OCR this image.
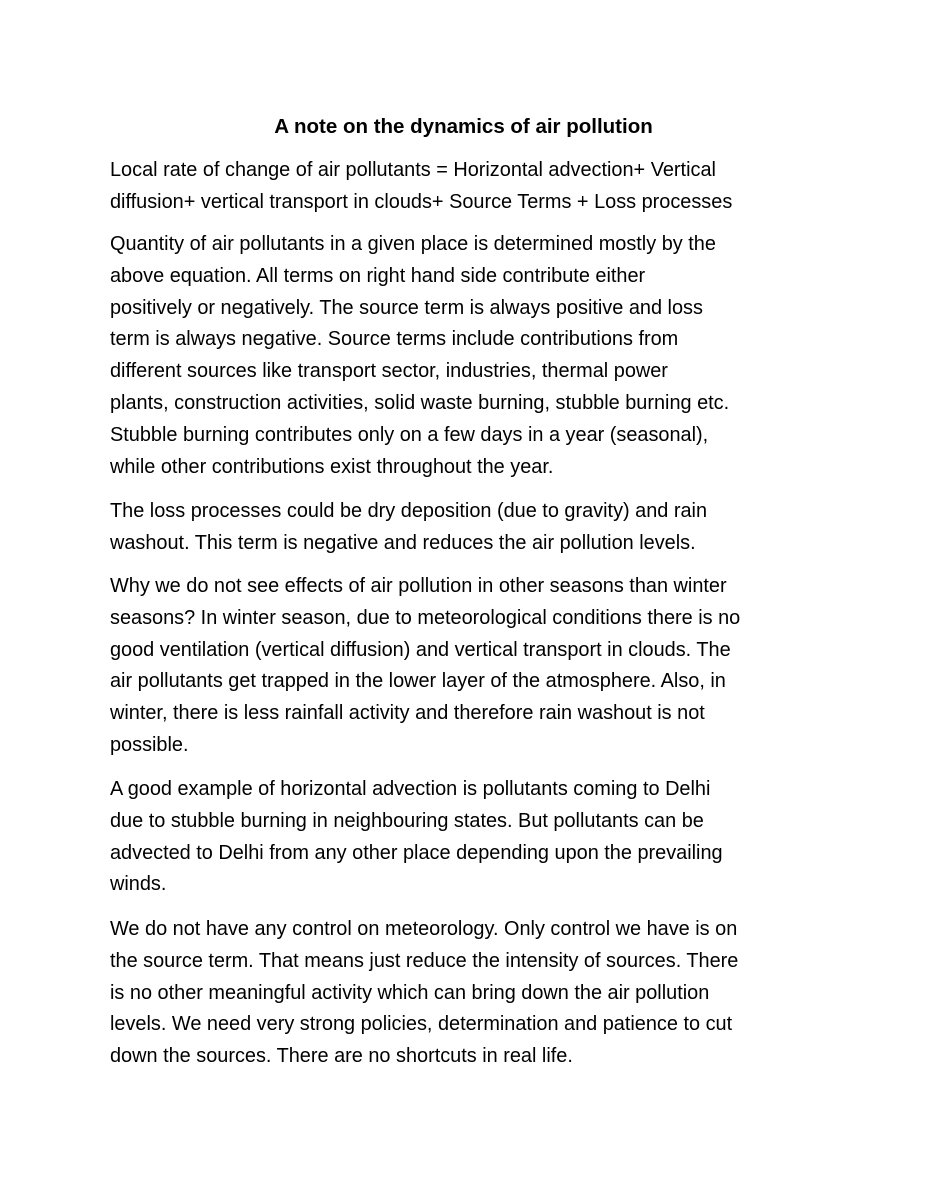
A note on the dynamics of air pollution

Local rate of change of air pollutants = Horizontal advection+ Vertical
diffusion+ vertical transport in clouds+ Source Terms + Loss processes

Quantity of air pollutants in a given place is determined mostly by the
above equation. All terms on right hand side contribute either
positively or negatively. The source term is always positive and loss
term is always negative. Source terms include contributions from
different sources like transport sector, industries, thermal power
plants, construction activities, solid waste burning, stubble burning etc.
Stubble burning contributes only on a few days in a year (seasonal),
while other contributions exist throughout the year.

The loss processes could be dry deposition (due to gravity) and rain
washout. This term is negative and reduces the air pollution levels.

Why we do not see effects of air pollution in other seasons than winter
seasons? In winter season, due to meteorological conditions there is no
good ventilation (vertical diffusion) and vertical transport in clouds. The
air pollutants get trapped in the lower layer of the atmosphere. Also, in
winter, there is less rainfall activity and therefore rain washout is not
possible.

A good example of horizontal advection is pollutants coming to Delhi
due to stubble burning in neighbouring states. But pollutants can be
advected to Delhi from any other place depending upon the prevailing
winds.

We do not have any control on meteorology. Only control we have is on
the source term. That means just reduce the intensity of sources. There
is no other meaningful activity which can bring down the air pollution
levels. We need very strong policies, determination and patience to cut
down the sources. There are no shortcuts in real life.
